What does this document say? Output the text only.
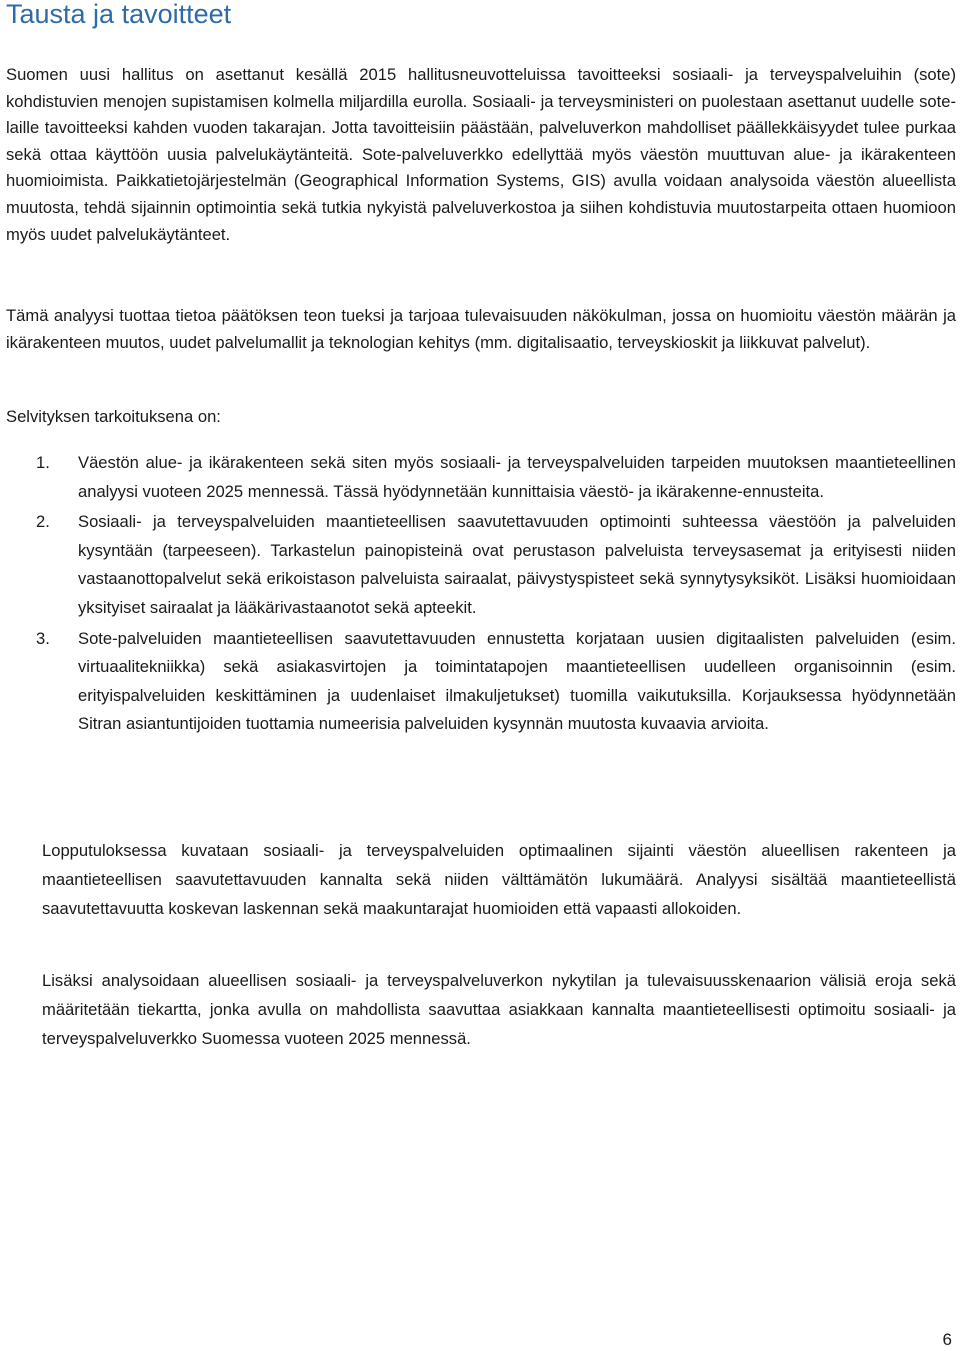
Tausta ja tavoitteet

Suomen uusi hallitus on asettanut kesällä 2015 hallitusneuvotteluissa tavoitteeksi sosiaali- ja terveyspalveluihin (sote) kohdistuvien menojen supistamisen kolmella miljardilla eurolla. Sosiaali- ja terveysministeri on puolestaan asettanut uudelle sote-laille tavoitteeksi kahden vuoden takarajan. Jotta tavoitteisiin päästään, palveluverkon mahdolliset päällekkäisyydet tulee purkaa sekä ottaa käyttöön uusia palvelukäytänteitä. Sote-palveluverkko edellyttää myös väestön muuttuvan alue- ja ikärakenteen huomioimista. Paikkatietojärjestelmän (Geographical Information Systems, GIS) avulla voidaan analysoida väestön alueellista muutosta, tehdä sijainnin optimointia sekä tutkia nykyistä palveluverkostoa ja siihen kohdistuvia muutostarpeita ottaen huomioon myös uudet palvelukäytänteet.

Tämä analyysi tuottaa tietoa päätöksen teon tueksi ja tarjoaa tulevaisuuden näkökulman, jossa on huomioitu väestön määrän ja ikärakenteen muutos, uudet palvelumallit ja teknologian kehitys (mm. digitalisaatio, terveyskioskit ja liikkuvat palvelut).

Selvityksen tarkoituksena on:

1. Väestön alue- ja ikärakenteen sekä siten myös sosiaali- ja terveyspalveluiden tarpeiden muutoksen maantieteellinen analyysi vuoteen 2025 mennessä. Tässä hyödynnetään kunnittaisia väestö- ja ikärakenne-ennusteita.
2. Sosiaali- ja terveyspalveluiden maantieteellisen saavutettavuuden optimointi suhteessa väestöön ja palveluiden kysyntään (tarpeeseen). Tarkastelun painopisteinä ovat perustason palveluista terveysasemat ja erityisesti niiden vastaanottopalvelut sekä erikoistason palveluista sairaalat, päivystyspisteet sekä synnytysyksiköt. Lisäksi huomioidaan yksityiset sairaalat ja lääkärivastaanotot sekä apteekit.
3. Sote-palveluiden maantieteellisen saavutettavuuden ennustetta korjataan uusien digitaalisten palveluiden (esim. virtuaalitekniikka) sekä asiakasvirtojen ja toimintatapojen maantieteellisen uudelleen organisoinnin (esim. erityispalveluiden keskittäminen ja uudenlaiset ilmakuljetukset) tuomilla vaikutuksilla. Korjauksessa hyödynnetään Sitran asiantuntijoiden tuottamia numeerisia palveluiden kysynnän muutosta kuvaavia arvioita.

Lopputuloksessa kuvataan sosiaali- ja terveyspalveluiden optimaalinen sijainti väestön alueellisen rakenteen ja maantieteellisen saavutettavuuden kannalta sekä niiden välttämätön lukumäärä. Analyysi sisältää maantieteellistä saavutettavuutta koskevan laskennan sekä maakuntarajat huomioiden että vapaasti allokoiden.

Lisäksi analysoidaan alueellisen sosiaali- ja terveyspalveluverkon nykytilan ja tulevaisuusskenaarion välisiä eroja sekä määritetään tiekartta, jonka avulla on mahdollista saavuttaa asiakkaan kannalta maantieteellisesti optimoitu sosiaali- ja terveyspalveluverkko Suomessa vuoteen 2025 mennessä.

6
